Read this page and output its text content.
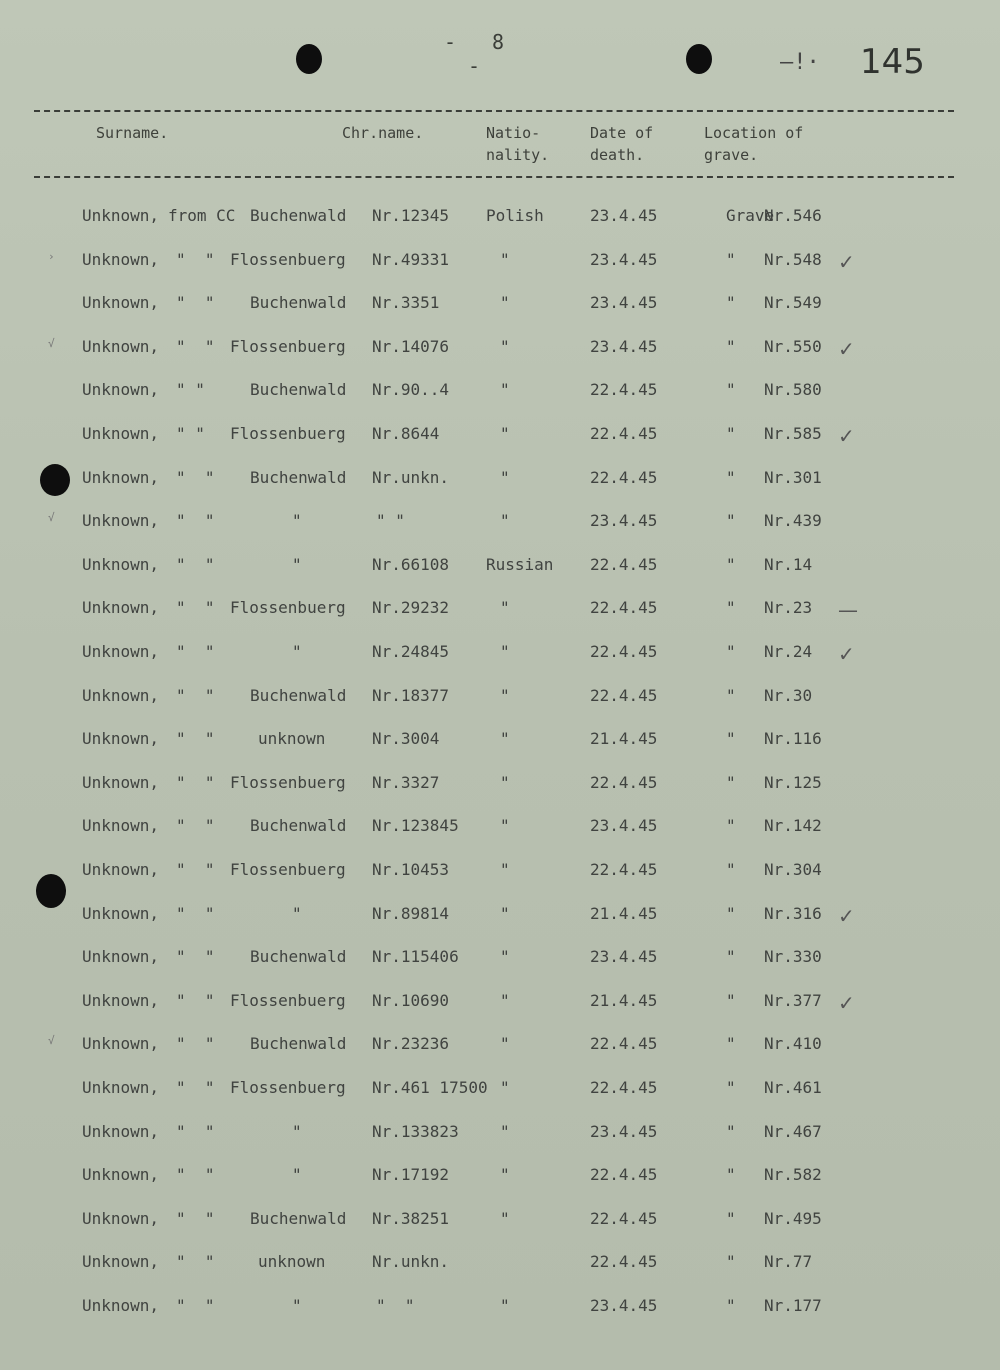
- 8 -	—!· 145
Surname.	Chr.name.	Natio-
nality.
Date of
death.
Location of
grave.
from CC
Unknown,	Buchenwald Nr.12345 Polish	23.4.45	Grave
Nr.546
"  "
› Unknown,	Flossenbuerg Nr.49331	"	23.4.45	" Nr.548 ✓
"  "
Unknown,	Buchenwald Nr.3351	"	23.4.45	" Nr.549
"  "
√ Unknown,	Flossenbuerg Nr.14076	"	23.4.45	" Nr.550 ✓
" "
Unknown,	Buchenwald Nr.90..4	"	22.4.45	" Nr.580
" "
Unknown,	Flossenbuerg Nr.8644	"	22.4.45	" Nr.585 ✓
"  "
Unknown,	Buchenwald Nr.unkn.	"	22.4.45	" Nr.301
"  "
√ Unknown,	"	" "	"	23.4.45	" Nr.439
"  "
Unknown,	"	Nr.66108 Russian 22.4.45	" Nr.14
"  "
Unknown,	Flossenbuerg Nr.29232	"	22.4.45	" Nr.23 —
"  "
Unknown,	"	Nr.24845	"	22.4.45	" Nr.24 ✓
"  "
Unknown,	Buchenwald Nr.18377	"	22.4.45	" Nr.30
"  "
Unknown,	unknown	Nr.3004	"	21.4.45	" Nr.116
"  "
Unknown,	Flossenbuerg Nr.3327	"	22.4.45	" Nr.125
"  "
Unknown,	Buchenwald Nr.123845	"	23.4.45	" Nr.142
"  "
Unknown,	Flossenbuerg Nr.10453	"	22.4.45	" Nr.304
"  "
Unknown,	"	Nr.89814	"	21.4.45	" Nr.316 ✓
"  "
Unknown,	Buchenwald Nr.115406	"	23.4.45	" Nr.330
"  "
Unknown,	Flossenbuerg Nr.10690	"	21.4.45	" Nr.377 ✓
"  "
√ Unknown,	Buchenwald Nr.23236	"	22.4.45	" Nr.410
"  "
Unknown,	Flossenbuerg Nr.461 17500 "	22.4.45	" Nr.461
"  "
Unknown,	"	Nr.133823	"	23.4.45	" Nr.467
"  "
Unknown,	"	Nr.17192	"	22.4.45	" Nr.582
"  "
Unknown,	Buchenwald Nr.38251	"	22.4.45	" Nr.495
"  "
Unknown,	unknown	Nr.unkn.	22.4.45	" Nr.77
"  "
Unknown,	"	"  "	"	23.4.45	" Nr.177
